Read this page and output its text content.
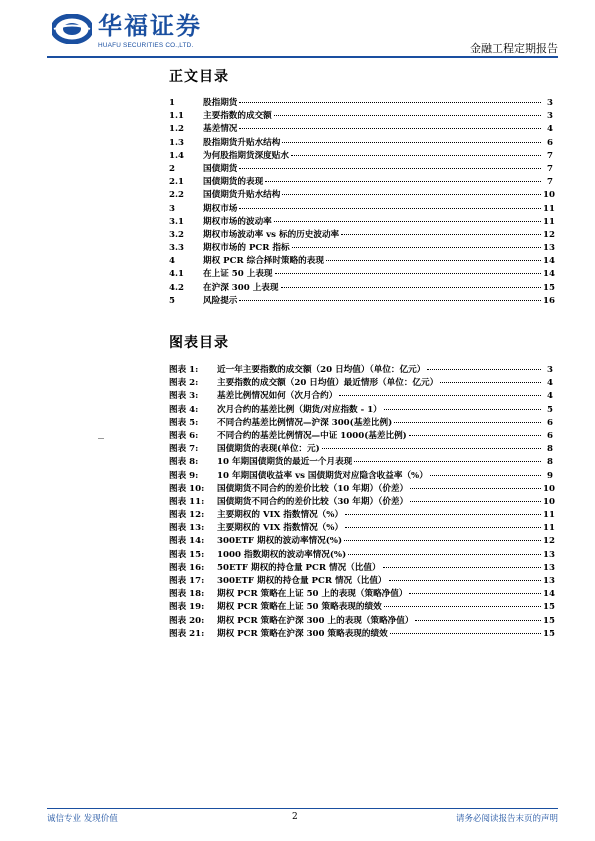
华福证券
HUAFU SECURITIES CO.,LTD.	金融工程定期报告
正文目录
1	股指期货	3
1.1	主要指数的成交额	3
1.2	基差情况	4
1.3	股指期货升贴水结构	6
1.4	为何股指期货深度贴水	7
2	国债期货	7
2.1	国债期货的表现	7
2.2	国债期货升贴水结构	10
3	期权市场	11
3.1	期权市场的波动率	11
3.2	期权市场波动率 vs 标的历史波动率	12
3.3	期权市场的 PCR 指标	13
4	期权 PCR 综合择时策略的表现	14
4.1	在上证 50 上表现	14
4.2	在沪深 300 上表现	15
5	风险提示	16
图表目录
图表 1:	近一年主要指数的成交额（20 日均值）（单位：亿元）	3
图表 2:	主要指数的成交额（20 日均值）最近情形（单位：亿元）	4
图表 3:	基差比例情况如何（次月合约）	4
图表 4:	次月合约的基差比例（期货/对应指数 - 1）	5
图表 5:	不同合约基差比例情况—沪深 300(基差比例)	6
图表 6:	不同合约的基差比例情况—中证 1000(基差比例)	6
图表 7:	国债期货的表现(单位：元)	8
图表 8:	10 年期国债期货的最近一个月表现	8
图表 9:	10 年期国债收益率 vs 国债期货对应隐含收益率（%）	9
图表 10:	国债期货不同合约的差价比较（10 年期）（价差）	10
图表 11:	国债期货不同合约的差价比较（30 年期）（价差）	10
图表 12:	主要期权的 VIX 指数情况（%）	11
图表 13:	主要期权的 VIX 指数情况（%）	11
图表 14:	300ETF 期权的波动率情况(%)	12
图表 15:	1000 指数期权的波动率情况(%)	13
图表 16:	50ETF 期权的持仓量 PCR 情况（比值）	13
图表 17:	300ETF 期权的持仓量 PCR 情况（比值）	13
图表 18:	期权 PCR 策略在上证 50 上的表现（策略净值）	14
图表 19:	期权 PCR 策略在上证 50 策略表现的绩效	15
图表 20:	期权 PCR 策略在沪深 300 上的表现（策略净值）	15
图表 21:	期权 PCR 策略在沪深 300 策略表现的绩效	15
诚信专业 发现价值	2	请务必阅读报告末页的声明
